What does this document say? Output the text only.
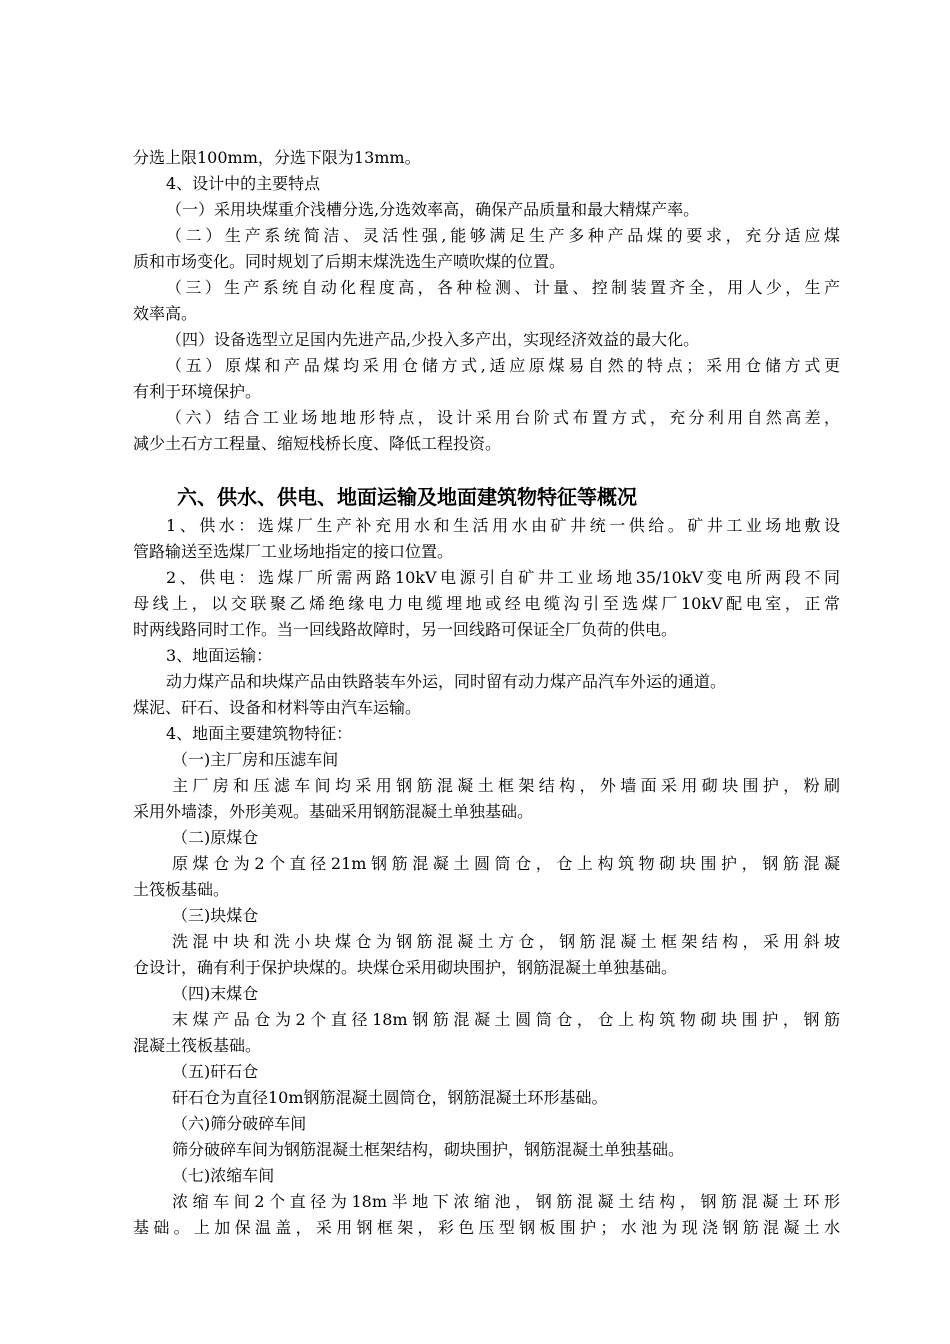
分选上限100mm，分选下限为13mm。
4、设计中的主要特点
（一）采用块煤重介浅槽分选,分选效率高，确保产品质量和最大精煤产率。
（二）生产系统简洁、灵活性强,能够满足生产多种产品煤的要求，充分适应煤
质和市场变化。同时规划了后期末煤洗选生产喷吹煤的位置。
（三）生产系统自动化程度高，各种检测、计量、控制装置齐全，用人少，生产
效率高。
（四）设备选型立足国内先进产品,少投入多产出，实现经济效益的最大化。
（五）原煤和产品煤均采用仓储方式,适应原煤易自然的特点；采用仓储方式更
有利于环境保护。
（六）结合工业场地地形特点，设计采用台阶式布置方式，充分利用自然高差，
减少土石方工程量、缩短栈桥长度、降低工程投资。
六、供水、供电、地面运输及地面建筑物特征等概况
1、供水：选煤厂生产补充用水和生活用水由矿井统一供给。矿井工业场地敷设
管路输送至选煤厂工业场地指定的接口位置。
2、供电：选煤厂所需两路10kV电源引自矿井工业场地35/10kV变电所两段不同
母线上，以交联聚乙烯绝缘电力电缆埋地或经电缆沟引至选煤厂10kV配电室，正常
时两线路同时工作。当一回线路故障时，另一回线路可保证全厂负荷的供电。
3、地面运输：
动力煤产品和块煤产品由铁路装车外运，同时留有动力煤产品汽车外运的通道。
煤泥、矸石、设备和材料等由汽车运输。
4、地面主要建筑物特征：
（一)主厂房和压滤车间
主厂房和压滤车间均采用钢筋混凝土框架结构，外墙面采用砌块围护，粉刷
采用外墙漆，外形美观。基础采用钢筋混凝土单独基础。
（二)原煤仓
原煤仓为2个直径21m钢筋混凝土圆筒仓，仓上构筑物砌块围护，钢筋混凝
土筏板基础。
（三)块煤仓
洗混中块和洗小块煤仓为钢筋混凝土方仓，钢筋混凝土框架结构，采用斜坡
仓设计，确有利于保护块煤的。块煤仓采用砌块围护，钢筋混凝土单独基础。
（四)末煤仓
末煤产品仓为2个直径18m钢筋混凝土圆筒仓，仓上构筑物砌块围护，钢筋
混凝土筏板基础。
（五)矸石仓
矸石仓为直径10m钢筋混凝土圆筒仓，钢筋混凝土环形基础。
（六)筛分破碎车间
筛分破碎车间为钢筋混凝土框架结构，砌块围护，钢筋混凝土单独基础。
（七)浓缩车间
浓缩车间2个直径为18m半地下浓缩池，钢筋混凝土结构，钢筋混凝土环形
基础。上加保温盖，采用钢框架，彩色压型钢板围护；水池为现浇钢筋混凝土水
